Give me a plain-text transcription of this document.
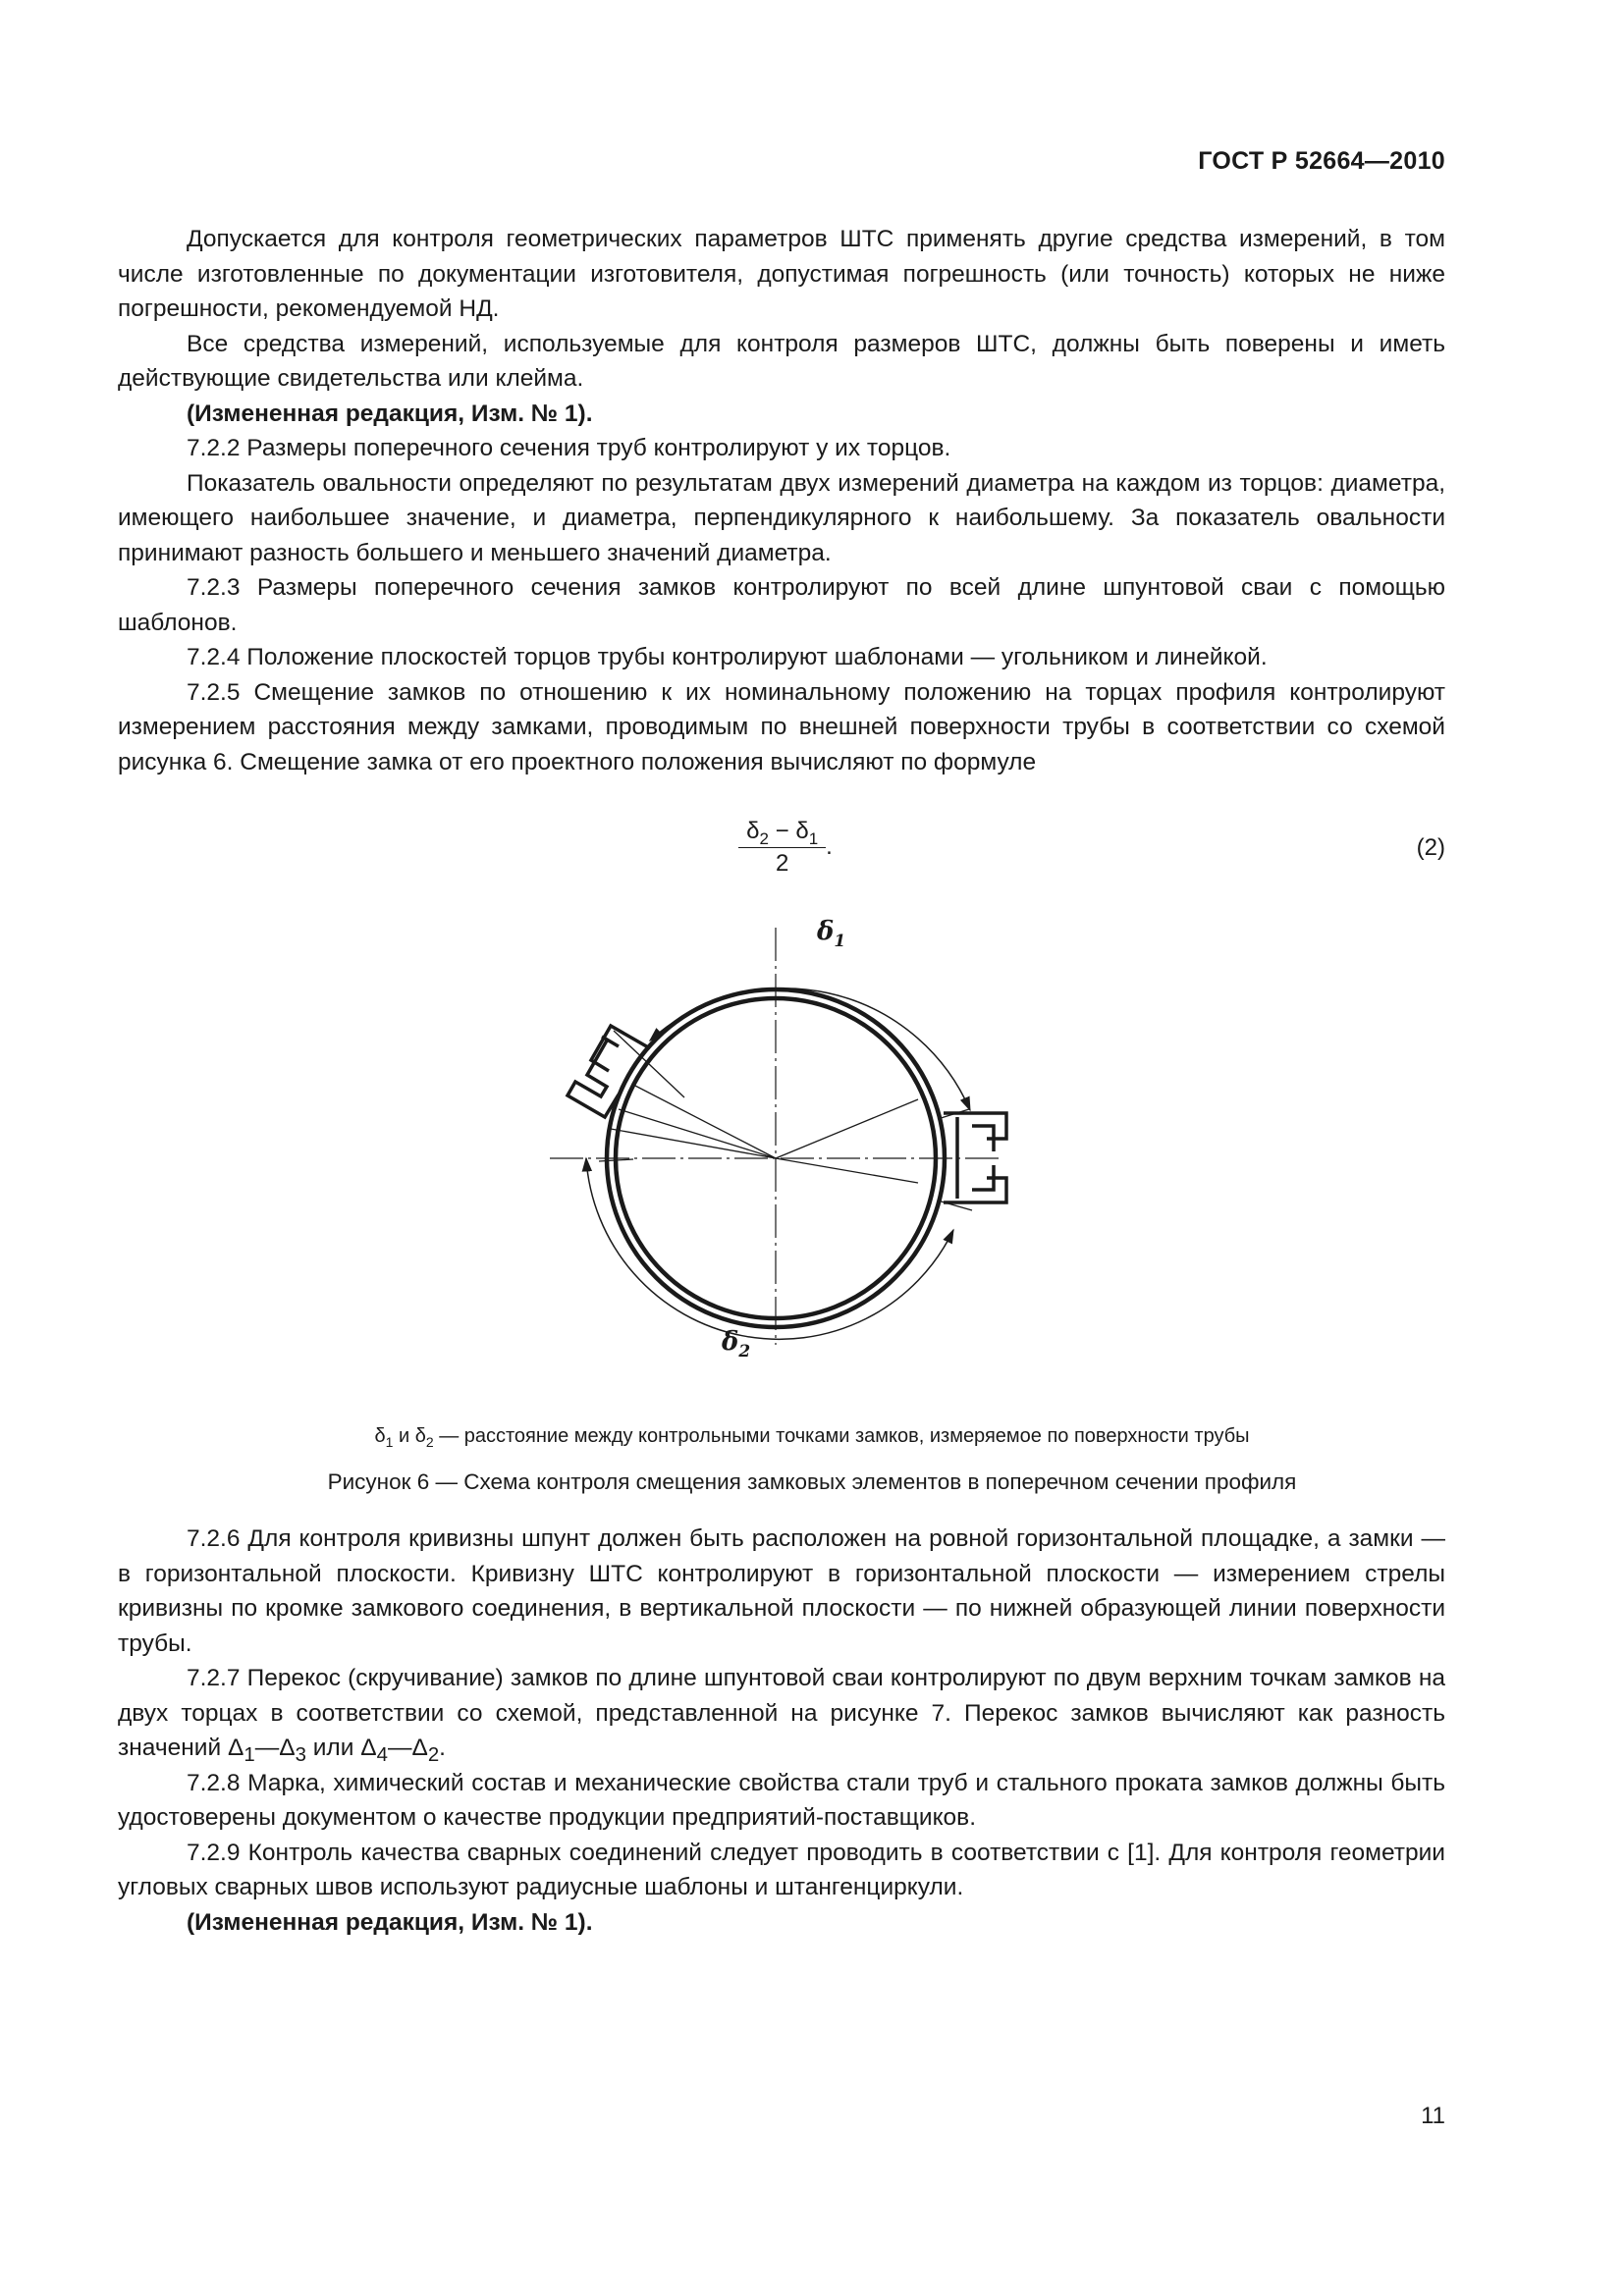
ГОСТ Р 52664—2010

Допускается для контроля геометрических параметров ШТС применять другие средства измерений, в том числе изготовленные по документации изготовителя, допустимая погрешность (или точность) которых не ниже погрешности, рекомендуемой НД.

Все средства измерений, используемые для контроля размеров ШТС, должны быть поверены и иметь действующие свидетельства или клейма.

(Измененная редакция, Изм. № 1).

7.2.2 Размеры поперечного сечения труб контролируют у их торцов.

Показатель овальности определяют по результатам двух измерений диаметра на каждом из торцов: диаметра, имеющего наибольшее значение, и диаметра, перпендикулярного к наибольшему. За показатель овальности принимают разность большего и меньшего значений диаметра.

7.2.3 Размеры поперечного сечения замков контролируют по всей длине шпунтовой сваи с помощью шаблонов.

7.2.4 Положение плоскостей торцов трубы контролируют шаблонами — угольником и линейкой.

7.2.5 Смещение замков по отношению к их номинальному положению на торцах профиля контролируют измерением расстояния между замками, проводимым по внешней поверхности трубы в соответствии со схемой рисунка 6. Смещение замка от его проектного положения вычисляют по формуле

$\frac{\delta_2 - \delta_1}{2}$ .	(2)
$\delta_1$
$\delta_2$
$\delta_1$ и $\delta_2$ — расстояние между контрольными точками замков, измеряемое по поверхности трубы
Рисунок 6 — Схема контроля смещения замковых элементов в поперечном сечении профиля

7.2.6 Для контроля кривизны шпунт должен быть расположен на ровной горизонтальной площадке, а замки — в горизонтальной плоскости. Кривизну ШТС контролируют в горизонтальной плоскости — измерением стрелы кривизны по кромке замкового соединения, в вертикальной плоскости — по нижней образующей линии поверхности трубы.

7.2.7 Перекос (скручивание) замков по длине шпунтовой сваи контролируют по двум верхним точкам замков на двух торцах в соответствии со схемой, представленной на рисунке 7. Перекос замков вычисляют как разность значений $\Delta_1—\Delta_3$ или $\Delta_4—\Delta_2$.

7.2.8 Марка, химический состав и механические свойства стали труб и стального проката замков должны быть удостоверены документом о качестве продукции предприятий-поставщиков.

7.2.9 Контроль качества сварных соединений следует проводить в соответствии с [1]. Для контроля геометрии угловых сварных швов используют радиусные шаблоны и штангенциркули.

(Измененная редакция, Изм. № 1).

11
